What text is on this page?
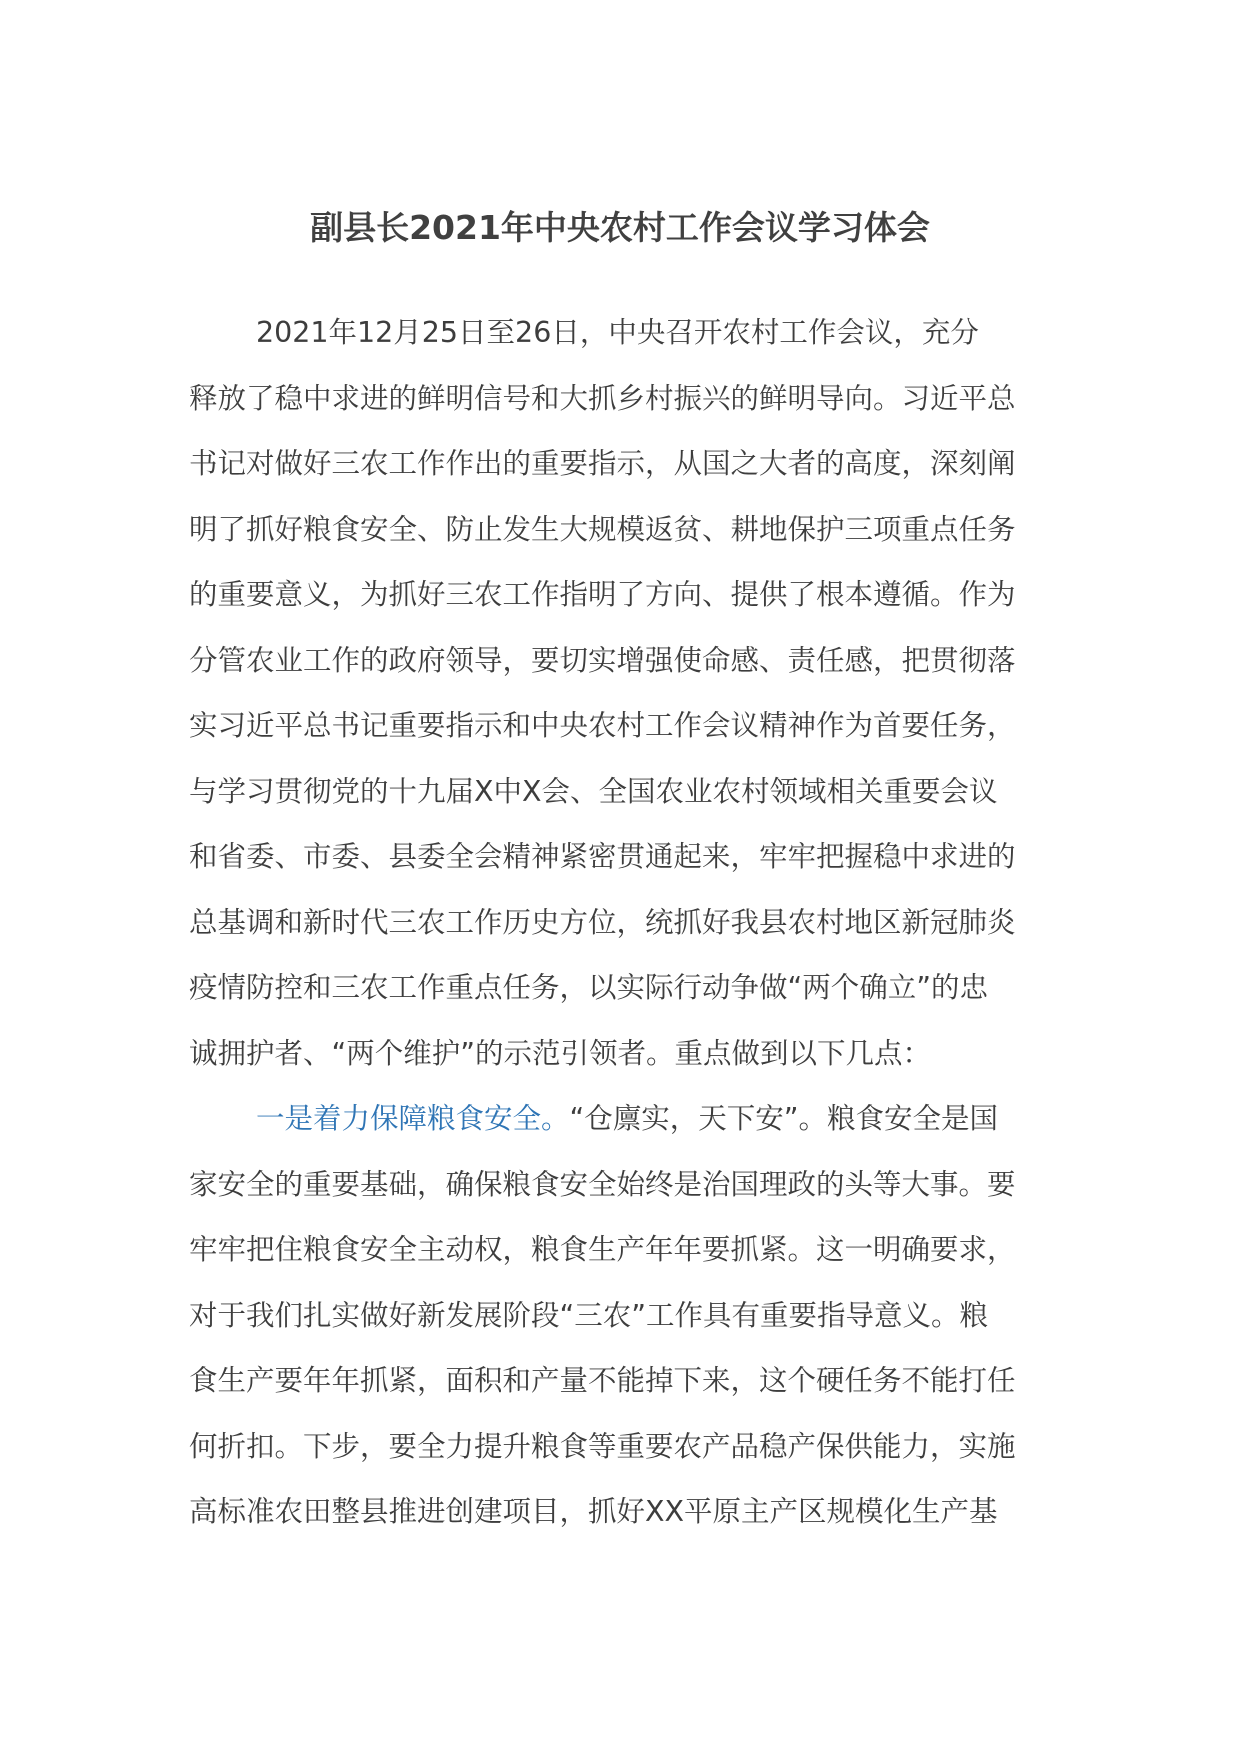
副县长2021年中央农村工作会议学习体会
2021年12月25日至26日，中央召开农村工作会议，充分
释放了稳中求进的鲜明信号和大抓乡村振兴的鲜明导向。习近平总
书记对做好三农工作作出的重要指示，从国之大者的高度，深刻阐
明了抓好粮食安全、防止发生大规模返贫、耕地保护三项重点任务
的重要意义，为抓好三农工作指明了方向、提供了根本遵循。作为
分管农业工作的政府领导，要切实增强使命感、责任感，把贯彻落
实习近平总书记重要指示和中央农村工作会议精神作为首要任务，
与学习贯彻党的十九届X中X会、全国农业农村领域相关重要会议
和省委、市委、县委全会精神紧密贯通起来，牢牢把握稳中求进的
总基调和新时代三农工作历史方位，统抓好我县农村地区新冠肺炎
疫情防控和三农工作重点任务，以实际行动争做“两个确立”的忠
诚拥护者、“两个维护”的示范引领者。重点做到以下几点：
一是着力保障粮食安全。“仓廪实，天下安”。粮食安全是国
家安全的重要基础，确保粮食安全始终是治国理政的头等大事。要
牢牢把住粮食安全主动权，粮食生产年年要抓紧。这一明确要求，
对于我们扎实做好新发展阶段“三农”工作具有重要指导意义。粮
食生产要年年抓紧，面积和产量不能掉下来，这个硬任务不能打任
何折扣。下步，要全力提升粮食等重要农产品稳产保供能力，实施
高标准农田整县推进创建项目，抓好XX平原主产区规模化生产基
